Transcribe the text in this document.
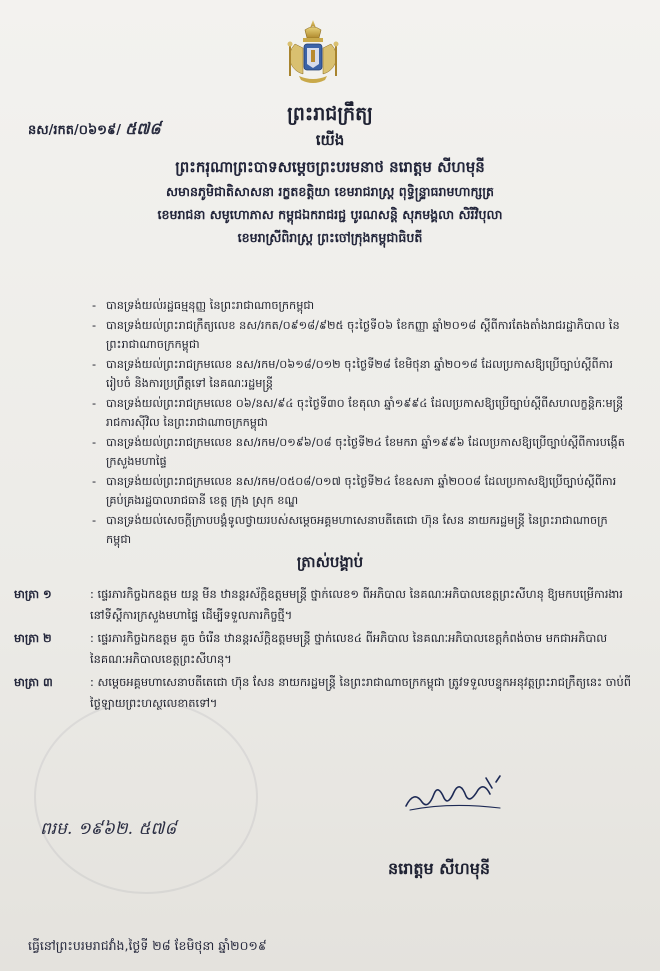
ព្រះរាជក្រឹត្យ
នស/រកត/០៦១៩/ ៥៧៨
យើង
ព្រះករុណាព្រះបាទសម្តេចព្រះបរមនាថ នរោត្តម សីហមុនី
សមានភូមិជាតិសាសនា រក្ខតខត្តិយា ខេមរាជរាស្ត្រ ពុទ្ធិន្ទ្រាធរាមហាក្សត្រ
ខេមរាជនា សមូហោភាស កម្ពុជឯករាជរជ្ជ បូរណសន្តិ សុភមង្គលា សិរីវិបុលា
ខេមរាស្រីពិរាស្ត្រ ព្រះចៅក្រុងកម្ពុជាធិបតី
- បានទ្រង់យល់រដ្ឋធម្មនុញ្ញ នៃព្រះរាជាណាចក្រកម្ពុជា
- បានទ្រង់យល់ព្រះរាជក្រឹត្យលេខ នស/រកត/០៩១៨/៩២៥ ចុះថ្ងៃទី០៦ ខែកញ្ញា ឆ្នាំ២០១៨ ស្តីពីការតែងតាំងរាជរដ្ឋាភិបាល នៃព្រះរាជាណាចក្រកម្ពុជា
- បានទ្រង់យល់ព្រះរាជក្រមលេខ នស/រកម/០៦១៨/០១២ ចុះថ្ងៃទី២៨ ខែមិថុនា ឆ្នាំ២០១៨ ដែលប្រកាសឱ្យប្រើច្បាប់ស្តីពីការរៀបចំ និងការប្រព្រឹត្តទៅ នៃគណៈរដ្ឋមន្ត្រី
- បានទ្រង់យល់ព្រះរាជក្រមលេខ ០៦/នស/៩៤ ចុះថ្ងៃទី៣០ ខែតុលា ឆ្នាំ១៩៩៤ ដែលប្រកាសឱ្យប្រើច្បាប់ស្តីពីសហលក្ខន្តិកៈមន្ត្រីរាជការស៊ីវិល នៃព្រះរាជាណាចក្រកម្ពុជា
- បានទ្រង់យល់ព្រះរាជក្រមលេខ នស/រកម/០១៩៦/០៨ ចុះថ្ងៃទី២៤ ខែមករា ឆ្នាំ១៩៩៦ ដែលប្រកាសឱ្យប្រើច្បាប់ស្តីពីការបង្កើតក្រសួងមហាផ្ទៃ
- បានទ្រង់យល់ព្រះរាជក្រមលេខ នស/រកម/០៥០៨/០១៧ ចុះថ្ងៃទី២៤ ខែឧសភា ឆ្នាំ២០០៨ ដែលប្រកាសឱ្យប្រើច្បាប់ស្តីពីការគ្រប់គ្រងរដ្ឋបាលរាជធានី ខេត្ត ក្រុង ស្រុក ខណ្ឌ
- បានទ្រង់យល់សេចក្តីក្រាបបង្គំទូលថ្វាយរបស់សម្តេចអគ្គមហាសេនាបតីតេជោ ហ៊ុន សែន នាយករដ្ឋមន្ត្រី នៃព្រះរាជាណាចក្រកម្ពុជា
ត្រាស់បង្គាប់
មាត្រា ១	: ផ្ទេរភារកិច្ចឯកឧត្តម យន្ត មីន ឋានន្តរស័ក្តិឧត្តមមន្ត្រី ថ្នាក់លេខ១ ពីអភិបាល នៃគណៈអភិបាលខេត្តព្រះសីហនុ ឱ្យមកបម្រើការងារនៅទីស្តីការក្រសួងមហាផ្ទៃ ដើម្បីទទួលភារកិច្ចថ្មី។
មាត្រា ២	: ផ្ទេរភារកិច្ចឯកឧត្តម គួច ចំរើន ឋានន្តរស័ក្តិឧត្តមមន្ត្រី ថ្នាក់លេខ៤ ពីអភិបាល នៃគណៈអភិបាលខេត្តកំពង់ចាម មកជាអភិបាល នៃគណៈអភិបាលខេត្តព្រះសីហនុ។
មាត្រា ៣	: សម្តេចអគ្គមហាសេនាបតីតេជោ ហ៊ុន សែន នាយករដ្ឋមន្ត្រី នៃព្រះរាជាណាចក្រកម្ពុជា ត្រូវទទួលបន្ទុកអនុវត្តព្រះរាជក្រឹត្យនេះ ចាប់ពីថ្ងៃឡាយព្រះហស្ថលេខាតទៅ។
ពរម. ១៩៦២. ៥៧៨
នរោត្តម សីហមុនី
ធ្វើនៅព្រះបរមរាជវាំង,ថ្ងៃទី ២៨ ខែមិថុនា ឆ្នាំ២០១៩
